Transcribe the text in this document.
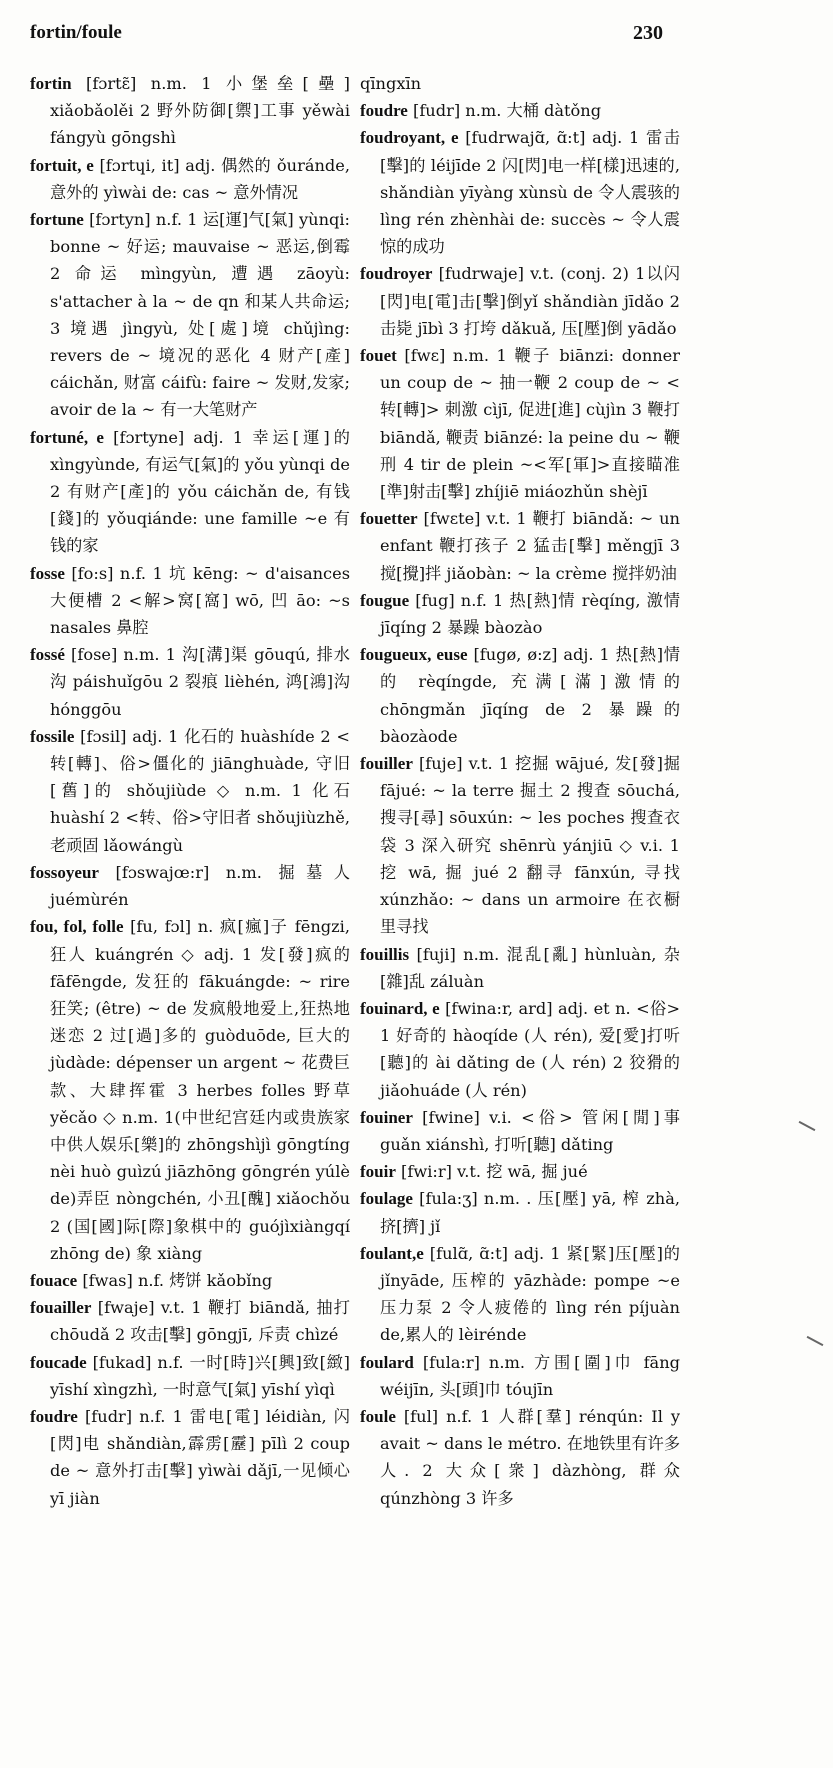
fortin/foule	230

fortin [fɔrtɛ̃] n.m. 1 小堡垒[壘] xiǎobǎolěi 2 野外防御[禦]工事 yěwài fángyù gōngshì

fortuit, e [fɔrtɥi, it] adj. 偶然的 ǒuránde, 意外的 yìwài de: cas ~ 意外情况

fortune [fɔrtyn] n.f. 1 运[運]气[氣] yùnqi: bonne ~ 好运; mauvaise ~ 恶运,倒霉 2 命运 mìngyùn, 遭遇 zāoyù: s'attacher à la ~ de qn 和某人共命运; 3 境遇 jìngyù, 处[處]境 chǔjìng: revers de ~ 境况的恶化 4 财产[產] cáichǎn, 财富 cáifù: faire ~ 发财,发家; avoir de la ~ 有一大笔财产

fortuné, e [fɔrtyne] adj. 1 幸运[運]的 xìngyùnde, 有运气[氣]的 yǒu yùnqi de 2 有财产[產]的 yǒu cáichǎn de, 有钱[錢]的 yǒuqiánde: une famille ~e 有钱的家

fosse [fo:s] n.f. 1 坑 kēng: ~ d'aisances 大便槽 2 <解>窝[窩] wō, 凹 āo: ~s nasales 鼻腔

fossé [fose] n.m. 1 沟[溝]渠 gōuqú, 排水沟 páishuǐgōu 2 裂痕 lièhén, 鸿[鴻]沟 hónggōu

fossile [fɔsil] adj. 1 化石的 huàshíde 2 <转[轉]、俗>僵化的 jiānghuàde, 守旧[舊]的 shǒujiùde ◇ n.m. 1 化石 huàshí 2 <转、俗>守旧者 shǒujiùzhě, 老顽固 lǎowángù

fossoyeur [fɔswajœ:r] n.m. 掘墓人 juémùrén

fou, fol, folle [fu, fɔl] n. 疯[瘋]子 fēngzi, 狂人 kuángrén ◇ adj. 1 发[發]疯的 fāfēngde, 发狂的 fākuángde: ~ rire 狂笑; (être) ~ de 发疯般地爱上,狂热地迷恋 2 过[過]多的 guòduōde, 巨大的 jùdàde: dépenser un argent ~ 花费巨款、大肆挥霍 3 herbes folles 野草 yěcǎo ◇ n.m. 1(中世纪宫廷内或贵族家中供人娱乐[樂]的 zhōngshìjì gōngtíng nèi huò guìzú jiāzhōng gōngrén yúlè de)弄臣 nòngchén, 小丑[醜] xiǎochǒu 2 (国[國]际[際]象棋中的 guójìxiàngqí zhōng de) 象 xiàng

fouace [fwas] n.f. 烤饼 kǎobǐng

fouailler [fwaje] v.t. 1 鞭打 biāndǎ, 抽打 chōudǎ 2 攻击[擊] gōngjī, 斥责 chìzé

foucade [fukad] n.f. 一时[時]兴[興]致[緻] yīshí xìngzhì, 一时意气[氣] yīshí yìqì

foudre [fudr] n.f. 1 雷电[電] léidiàn, 闪[閃]电 shǎndiàn,霹雳[靂] pīlì 2 coup de ~ 意外打击[擊] yìwài dǎjī,一见倾心 yī jiàn

qīngxīn

foudre [fudr] n.m. 大桶 dàtǒng

foudroyant, e [fudrwajɑ̃, ɑ̃:t] adj. 1 雷击[擊]的 léijīde 2 闪[閃]电一样[樣]迅速的, shǎndiàn yīyàng xùnsù de 令人震骇的 lìng rén zhènhài de: succès ~ 令人震惊的成功

foudroyer [fudrwaje] v.t. (conj. 2) 1以闪[閃]电[電]击[擊]倒yǐ shǎndiàn jīdǎo 2 击毙 jībì 3 打垮 dǎkuǎ, 压[壓]倒 yādǎo

fouet [fwɛ] n.m. 1 鞭子 biānzi: donner un coup de ~ 抽一鞭 2 coup de ~ <转[轉]> 刺激 cìjī, 促进[進] cùjìn 3 鞭打 biāndǎ, 鞭责 biānzé: la peine du ~ 鞭刑 4 tir de plein ~<军[軍]>直接瞄准[準]射击[擊] zhíjiē miáozhǔn shèjī

fouetter [fwɛte] v.t. 1 鞭打 biāndǎ: ~ un enfant 鞭打孩子 2 猛击[擊] měngjī 3 搅[攪]拌 jiǎobàn: ~ la crème 搅拌奶油

fougue [fug] n.f. 1 热[熱]情 rèqíng, 激情 jīqíng 2 暴躁 bàozào

fougueux, euse [fugø, ø:z] adj. 1 热[熱]情的 rèqíngde, 充满[滿]激情的 chōngmǎn jīqíng de 2 暴躁的 bàozàode

fouiller [fuje] v.t. 1 挖掘 wājué, 发[發]掘 fājué: ~ la terre 掘土 2 搜查 sōuchá, 搜寻[尋] sōuxún: ~ les poches 搜查衣袋 3 深入研究 shēnrù yánjiū ◇ v.i. 1 挖 wā, 掘 jué 2 翻寻 fānxún, 寻找 xúnzhǎo: ~ dans un armoire 在衣橱里寻找

fouillis [fuji] n.m. 混乱[亂] hùnluàn, 杂[雜]乱 záluàn

fouinard, e [fwina:r, ard] adj. et n. <俗> 1 好奇的 hàoqíde (人 rén), 爱[愛]打听[聽]的 ài dǎting de (人 rén) 2 狡猾的 jiǎohuáde (人 rén)

fouiner [fwine] v.i. <俗> 管闲[閒]事 guǎn xiánshì, 打听[聽] dǎting

fouir [fwi:r] v.t. 挖 wā, 掘 jué

foulage [fula:ʒ] n.m. . 压[壓] yā, 榨 zhà, 挤[擠] jǐ

foulant,e [fulɑ̃, ɑ̃:t] adj. 1 紧[緊]压[壓]的 jǐnyāde, 压榨的 yāzhàde: pompe ~e 压力泵 2 令人疲倦的 lìng rén píjuàn de,累人的 lèirénde

foulard [fula:r] n.m. 方围[圍]巾 fāng wéijīn, 头[頭]巾 tóujīn

foule [ful] n.f. 1 人群[羣] rénqún: Il y avait ~ dans le métro. 在地铁里有许多人. 2 大众[衆] dàzhòng, 群众 qúnzhòng 3 许多
